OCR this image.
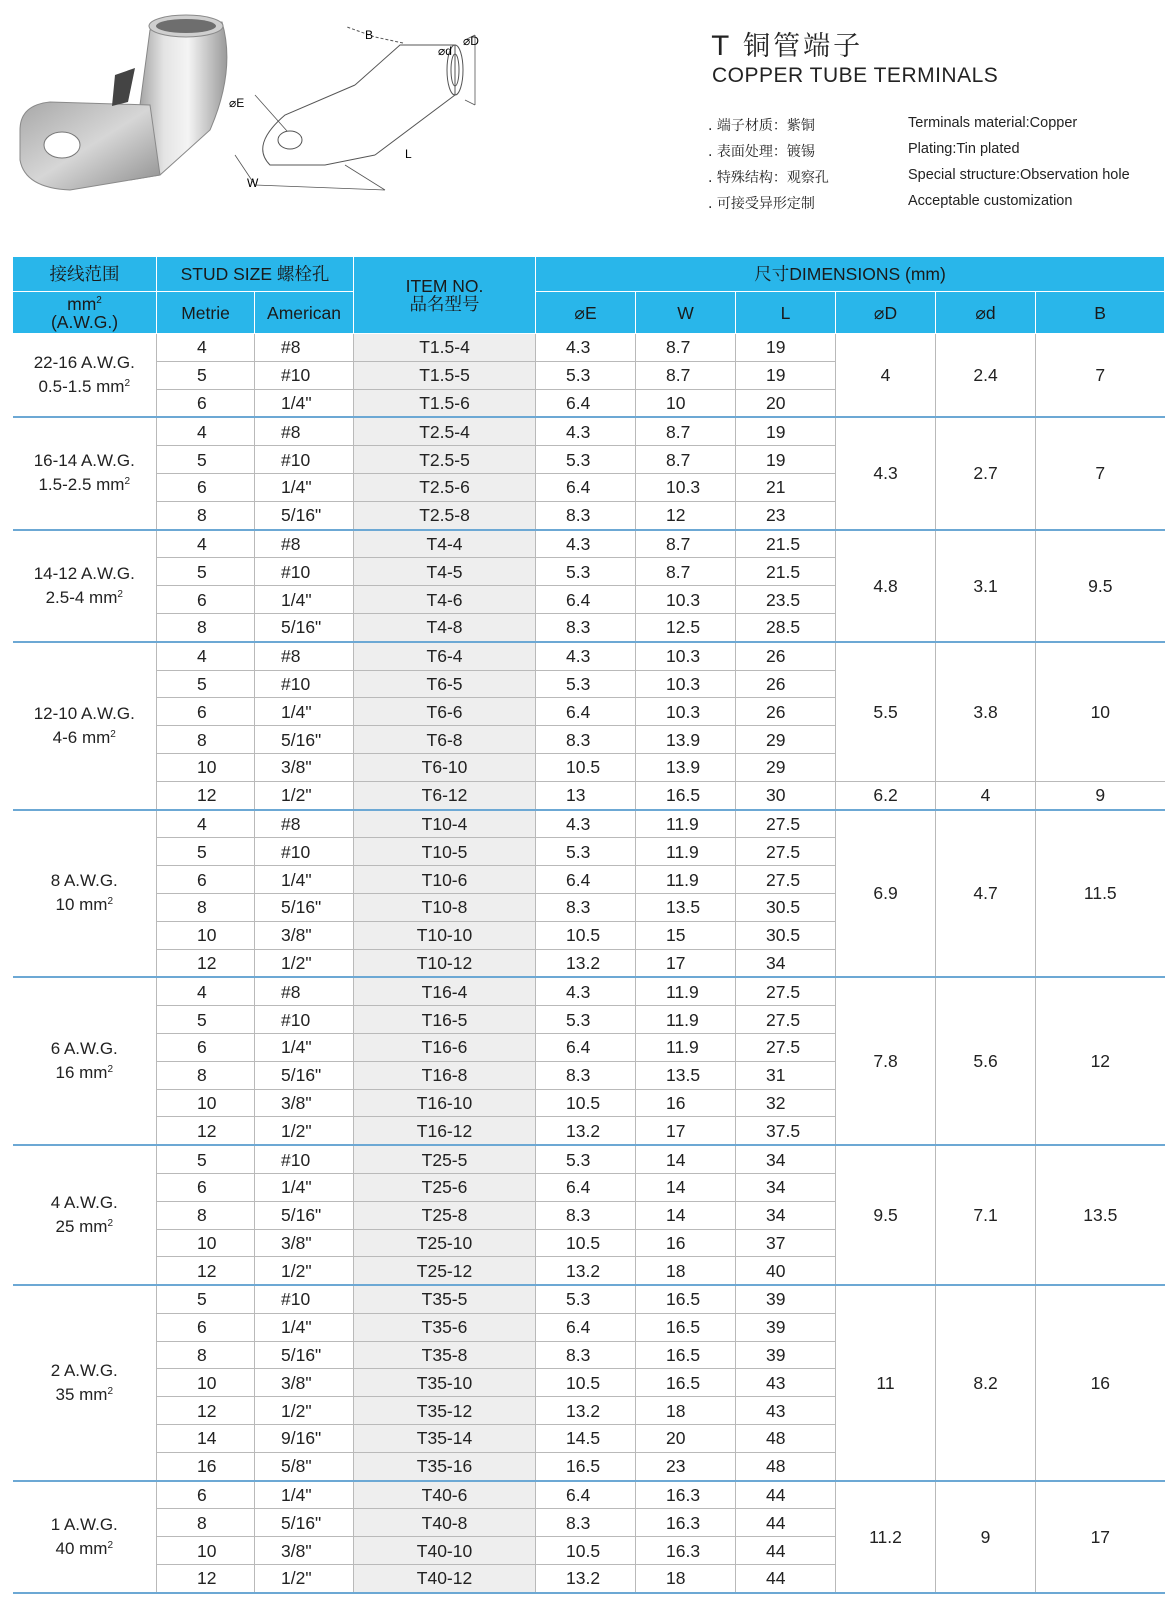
B
⌀d
⌀D
⌀E
L
W
T 铜管端子
COPPER TUBE TERMINALS
. 端子材质：紫铜	Terminals material:Copper
. 表面处理：镀锡	Plating:Tin plated
. 特殊结构：观察孔	Special structure:Observation hole
. 可接受异形定制	Acceptable customization
接线范围	STUD SIZE 螺栓孔		ITEM NO.
品名型号	尺寸DIMENSIONS (mm)					

$mm^2$
(A.W.G.)	Metrie	American		⌀E	W	L	⌀D	⌀d	B

22-16 A.W.G.
0.5-1.5 $mm^2$	4	#8	T1.5-4	4.3	8.7	19	4	2.4	7
	5	#10	T1.5-5	5.3	8.7	19			
	6	1/4"	T1.5-6	6.4	10	20			

16-14 A.W.G.
1.5-2.5 $mm^2$	4	#8	T2.5-4	4.3	8.7	19	4.3	2.7	7
	5	#10	T2.5-5	5.3	8.7	19			
	6	1/4"	T2.5-6	6.4	10.3	21			
	8	5/16"	T2.5-8	8.3	12	23			

14-12 A.W.G.
2.5-4 $mm^2$	4	#8	T4-4	4.3	8.7	21.5	4.8	3.1	9.5
	5	#10	T4-5	5.3	8.7	21.5			
	6	1/4"	T4-6	6.4	10.3	23.5			
	8	5/16"	T4-8	8.3	12.5	28.5			

12-10 A.W.G.
4-6 $mm^2$	4	#8	T6-4	4.3	10.3	26	5.5	3.8	10
	5	#10	T6-5	5.3	10.3	26			
	6	1/4"	T6-6	6.4	10.3	26			
	8	5/16"	T6-8	8.3	13.9	29			
	10	3/8"	T6-10	10.5	13.9	29			
	12	1/2"	T6-12	13	16.5	30	6.2	4	9

8 A.W.G.
10 $mm^2$	4	#8	T10-4	4.3	11.9	27.5	6.9	4.7	11.5
	5	#10	T10-5	5.3	11.9	27.5			
	6	1/4"	T10-6	6.4	11.9	27.5			
	8	5/16"	T10-8	8.3	13.5	30.5			
	10	3/8"	T10-10	10.5	15	30.5			
	12	1/2"	T10-12	13.2	17	34			

6 A.W.G.
16 $mm^2$	4	#8	T16-4	4.3	11.9	27.5	7.8	5.6	12
	5	#10	T16-5	5.3	11.9	27.5			
	6	1/4"	T16-6	6.4	11.9	27.5			
	8	5/16"	T16-8	8.3	13.5	31			
	10	3/8"	T16-10	10.5	16	32			
	12	1/2"	T16-12	13.2	17	37.5			

4 A.W.G.
25 $mm^2$	5	#10	T25-5	5.3	14	34	9.5	7.1	13.5
	6	1/4"	T25-6	6.4	14	34			
	8	5/16"	T25-8	8.3	14	34			
	10	3/8"	T25-10	10.5	16	37			
	12	1/2"	T25-12	13.2	18	40			

2 A.W.G.
35 $mm^2$	5	#10	T35-5	5.3	16.5	39	11	8.2	16
	6	1/4"	T35-6	6.4	16.5	39			
	8	5/16"	T35-8	8.3	16.5	39			
	10	3/8"	T35-10	10.5	16.5	43			
	12	1/2"	T35-12	13.2	18	43			
	14	9/16"	T35-14	14.5	20	48			
	16	5/8"	T35-16	16.5	23	48			

1 A.W.G.
40 $mm^2$	6	1/4"	T40-6	6.4	16.3	44	11.2	9	17
	8	5/16"	T40-8	8.3	16.3	44			
	10	3/8"	T40-10	10.5	16.3	44			
	12	1/2"	T40-12	13.2	18	44			
